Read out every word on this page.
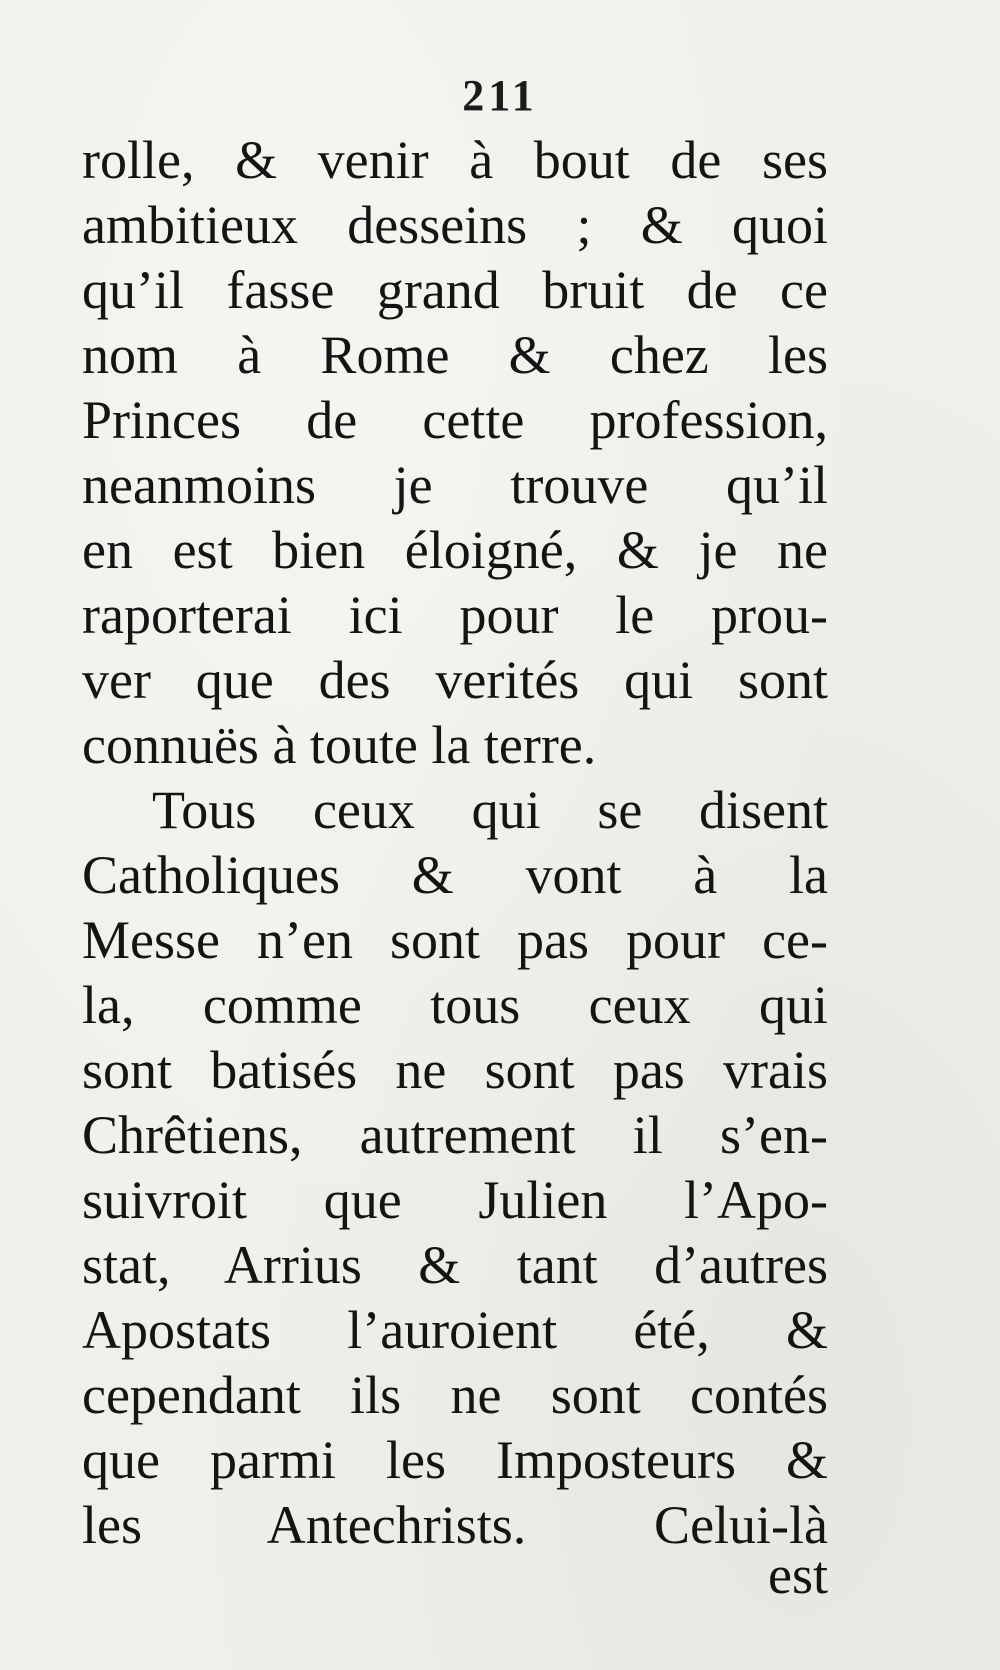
211
rolle, & venir à bout de ses
ambitieux desseins ; & quoi
qu’il fasse grand bruit de ce
nom à Rome & chez les
Princes de cette profession,
neanmoins je trouve qu’il
en est bien éloigné, & je ne
raporterai ici pour le prou-
ver que des verités qui sont
connuës à toute la terre.
Tous ceux qui se disent
Catholiques & vont à la
Messe n’en sont pas pour ce-
la, comme tous ceux qui
sont batisés ne sont pas vrais
Chrêtiens, autrement il s’en-
suivroit que Julien l’Apo-
stat, Arrius & tant d’autres
Apostats l’auroient été, &
cependant ils ne sont contés
que parmi les Imposteurs &
les Antechrists. Celui-là
est
